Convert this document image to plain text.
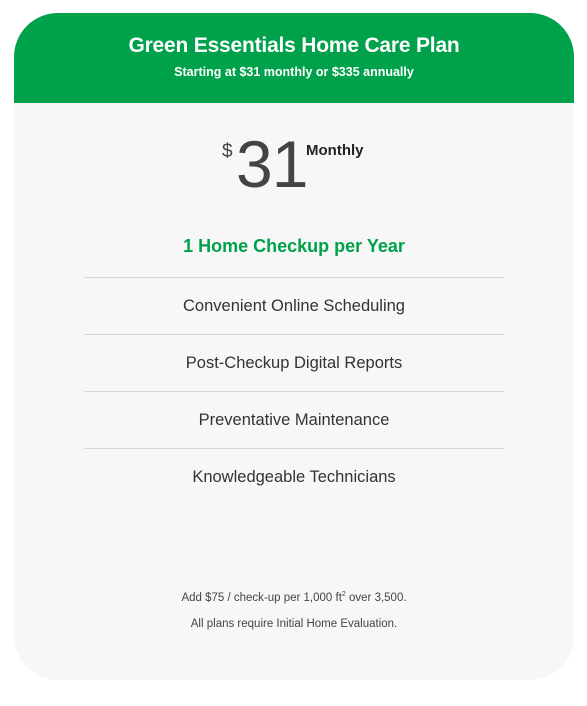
Green Essentials Home Care Plan
Starting at $31 monthly or $335 annually
$ 31
Monthly
1 Home Checkup per Year
Convenient Online Scheduling
Post-Checkup Digital Reports
Preventative Maintenance
Knowledgeable Technicians
Add $75 / check-up per 1,000 $ft^2$ over 3,500.
All plans require Initial Home Evaluation.
